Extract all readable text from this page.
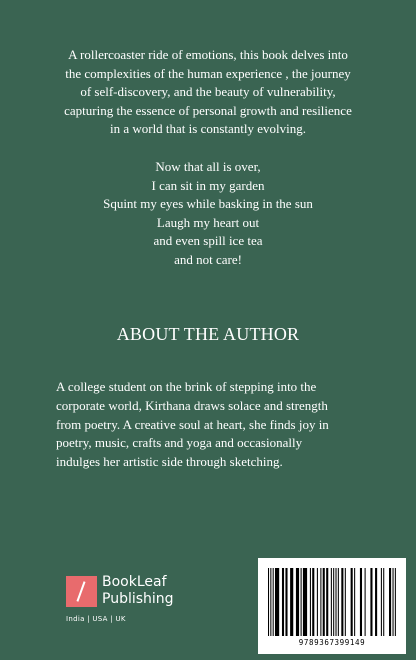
A rollercoaster ride of emotions, this book delves into
the complexities of the human experience , the journey
of self-discovery, and the beauty of vulnerability,
capturing the essence of personal growth and resilience
in a world that is constantly evolving.
Now that all is over,
I can sit in my garden
Squint my eyes while basking in the sun
Laugh my heart out
and even spill ice tea
and not care!
ABOUT THE AUTHOR
A college student on the brink of stepping into the
corporate world, Kirthana draws solace and strength
from poetry. A creative soul at heart, she finds joy in
poetry, music, crafts and yoga and occasionally
indulges her artistic side through sketching.
BookLeaf
Publishing
India | USA | UK
9789367399149
